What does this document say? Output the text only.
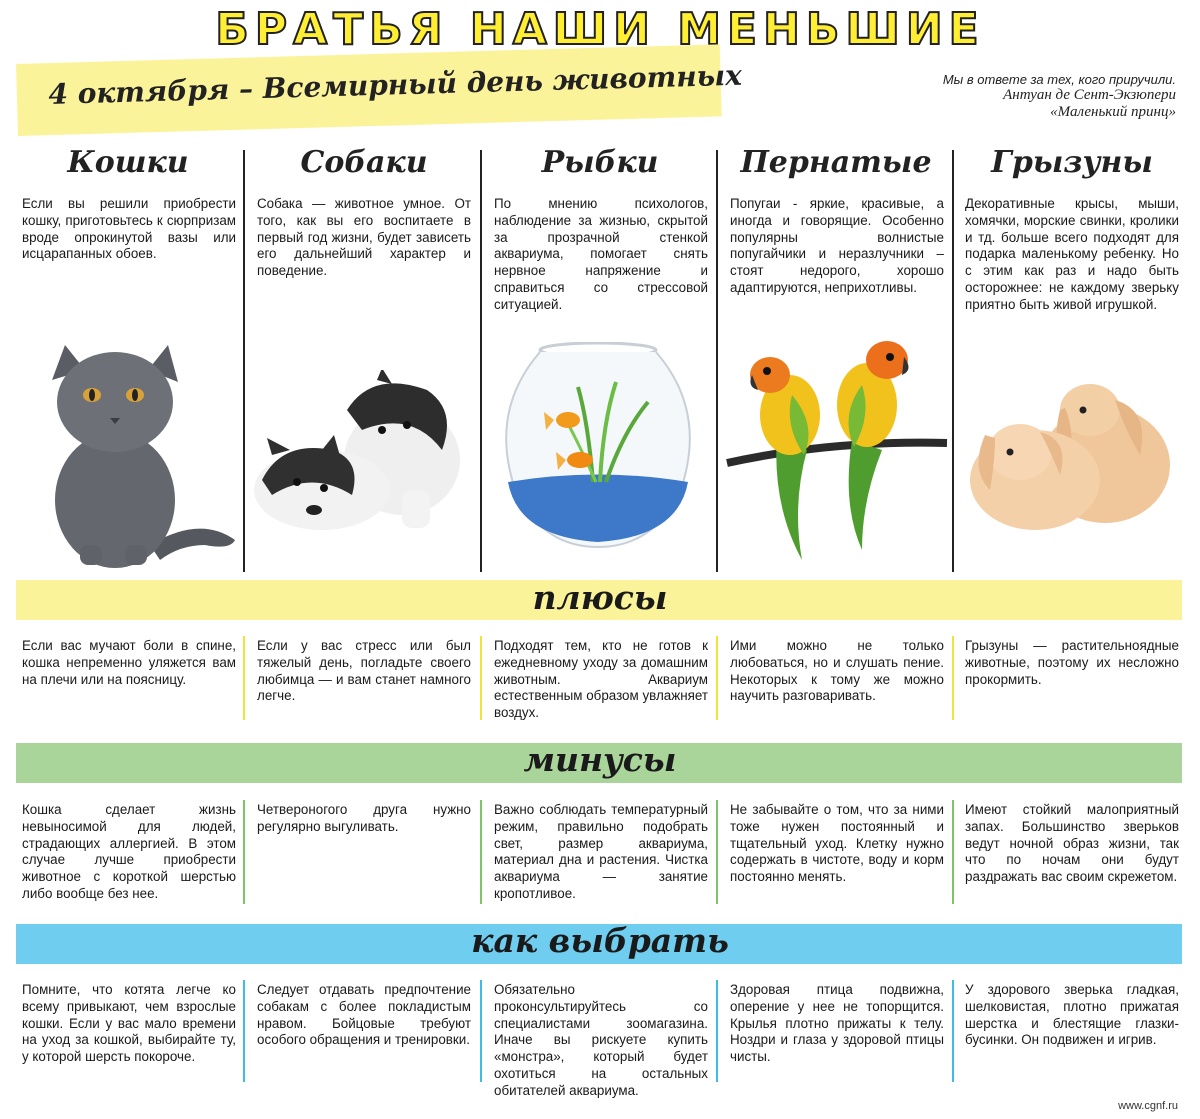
БРАТЬЯ НАШИ МЕНЬШИЕ
4 октября – Всемирный день животных	Мы в ответе за тех, кого приручили.
Антуан де Сент-Экзюпери
«Маленький принц»
Кошки	Собаки	Рыбки	Пернатые	Грызуны
Если вы решили приобрести кошку, приготовьтесь к сюрпризам вроде опрокинутой вазы или исцарапанных обоев.
Собака — животное умное. От того, как вы его воспитаете в первый год жизни, будет зависеть его дальнейший характер и поведение.
По мнению психологов, наблюдение за жизнью, скрытой за прозрачной стенкой аквариума, помогает снять нервное напряжение и справиться со стрессовой ситуацией.
Попугаи - яркие, красивые, а иногда и говорящие. Особенно популярны волнистые попугайчики и неразлучники – стоят недорого, хорошо адаптируются, неприхотливы.
Декоративные крысы, мыши, хомячки, морские свинки, кролики и тд. больше всего подходят для подарка маленькому ребенку. Но с этим как раз и надо быть осторожнее: не каждому зверьку приятно быть живой игрушкой.
плюсы
Если вас мучают боли в спине, кошка непременно уляжется вам на плечи или на поясницу.
Если у вас стресс или был тяжелый день, погладьте своего любимца — и вам станет намного легче.
Подходят тем, кто не готов к ежедневному уходу за домашним животным. Аквариум естественным образом увлажняет воздух.
Ими можно не только любоваться, но и слушать пение. Некоторых к тому же можно научить разговаривать.
Грызуны — растительноядные животные, поэтому их несложно прокормить.
минусы
Кошка сделает жизнь невыносимой для людей, страдающих аллергией. В этом случае лучше приобрести животное с короткой шерстью либо вообще без нее.
Четвероногого друга нужно регулярно выгуливать.
Важно соблюдать температурный режим, правильно подобрать свет, размер аквариума, материал дна и растения. Чистка аквариума — занятие кропотливое.
Не забывайте о том, что за ними тоже нужен постоянный и тщательный уход. Клетку нужно содержать в чистоте, воду и корм постоянно менять.
Имеют стойкий малоприятный запах. Большинство зверьков ведут ночной образ жизни, так что по ночам они будут раздражать вас своим скрежетом.
как выбрать
Помните, что котята легче ко всему привыкают, чем взрослые кошки. Если у вас мало времени на уход за кошкой, выбирайте ту, у которой шерсть покороче.
Следует отдавать предпочтение собакам с более покладистым нравом. Бойцовые требуют особого обращения и тренировки.
Обязательно проконсультируйтесь со специалистами зоомагазина. Иначе вы рискуете купить «монстра», который будет охотиться на остальных обитателей аквариума.
Здоровая птица подвижна, оперение у нее не топорщится. Крылья плотно прижаты к телу. Ноздри и глаза у здоровой птицы чисты.
У здорового зверька гладкая, шелковистая, плотно прижатая шерстка и блестящие глазки-бусинки. Он подвижен и игрив.
www.cgnf.ru
